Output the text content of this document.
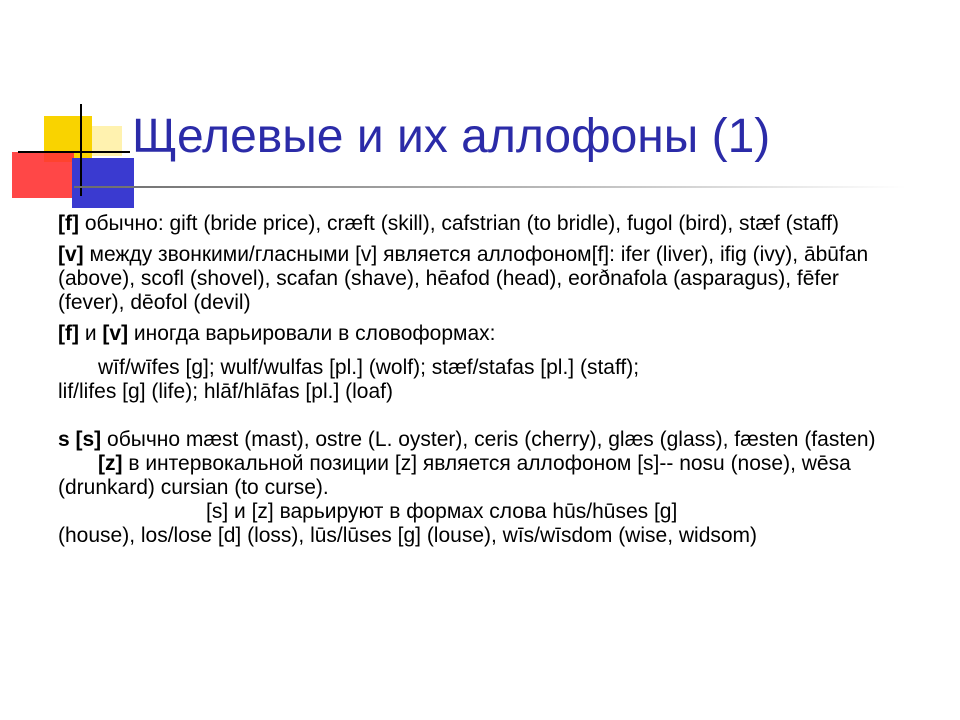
Щелевые и их аллофоны (1)

[f] обычно: gift (bride price), cræft (skill), cafstrian (to bridle), fugol (bird), stæf (staff)

[v] между звонкими/гласными [v] является аллофоном[f]: ifer (liver), ifig (ivy), ābūfan (above), scofl (shovel), scafan (shave), hēafod (head), eorðnafola (asparagus), fēfer (fever), dēofol (devil)

[f] и [v] иногда варьировали в словоформах:

wīf/wīfes [g]; wulf/wulfas [pl.] (wolf); stæf/stafas [pl.] (staff);
lif/lifes [g] (life); hlāf/hlāfas [pl.] (loaf)

s [s] обычно mæst (mast), ostre (L. oyster), ceris (cherry), glæs (glass), fæsten (fasten)

[z] в интервокальной позиции [z] является аллофоном [s]-- nosu (nose), wēsa (drunkard) cursian (to curse).

[s] и [z] варьируют в формах слова hūs/hūses [g]
(house), los/lose [d] (loss), lūs/lūses [g] (louse), wīs/wīsdom (wise, widsom)
